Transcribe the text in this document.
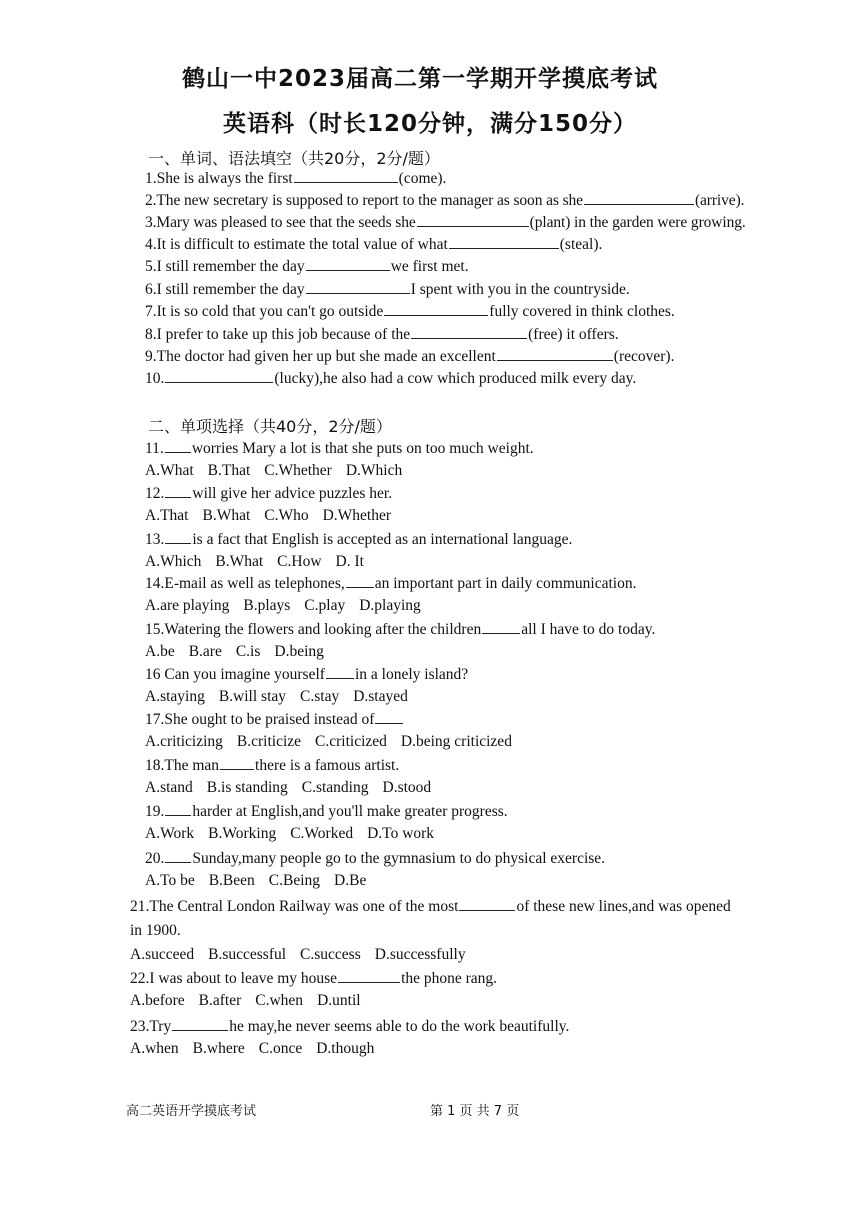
鹤山一中2023届高二第一学期开学摸底考试
英语科（时长120分钟，满分150分）
一、单词、语法填空（共20分，2分/题）
1.She is always the first	(come).
2.The new secretary is supposed to report to the manager as soon as she	(arrive).
3.Mary was pleased to see that the seeds she	(plant) in the garden were growing.
4.It is difficult to estimate the total value of what	(steal).
5.I still remember the day	we first met.
6.I still remember the day	I spent with you in the countryside.
7.It is so cold that you can't go outside	fully covered in think clothes.
8.I prefer to take up this job because of the	(free) it offers.
9.The doctor had given her up but she made an excellent	(recover).
10.	(lucky),he also had a cow which produced milk every day.
二、单项选择（共40分，2分/题）
11. worries Mary a lot is that she puts on too much weight.
A.What B.That C.Whether D.Which
12. will give her advice puzzles her.
A.That B.What C.Who D.Whether
13. is a fact that English is accepted as an international language.
A.Which B.What C.How D. It
14.E-mail as well as telephones, an important part in daily communication.
A.are playing B.plays C.play D.playing
15.Watering the flowers and looking after the children	all I have to do today.
A.be B.are C.is D.being
16 Can you imagine yourself in a lonely island?
A.staying B.will stay C.stay D.stayed
17.She ought to be praised instead of
A.criticizing B.criticize C.criticized D.being criticized
18.The man there is a famous artist.
A.stand B.is standing C.standing D.stood
19. harder at English,and you'll make greater progress.
A.Work B.Working C.Worked D.To work
20. Sunday,many people go to the gymnasium to do physical exercise.
A.To be B.Been C.Being D.Be
21.The Central London Railway was one of the most	of these new lines,and was opened
in 1900.
A.succeed B.successful C.success D.successfully
22.I was about to leave my house	the phone rang.
A.before B.after C.when D.until
23.Try	he may,he never seems able to do the work beautifully.
A.when B.where C.once D.though
高二英语开学摸底考试	第 1 页 共 7 页
